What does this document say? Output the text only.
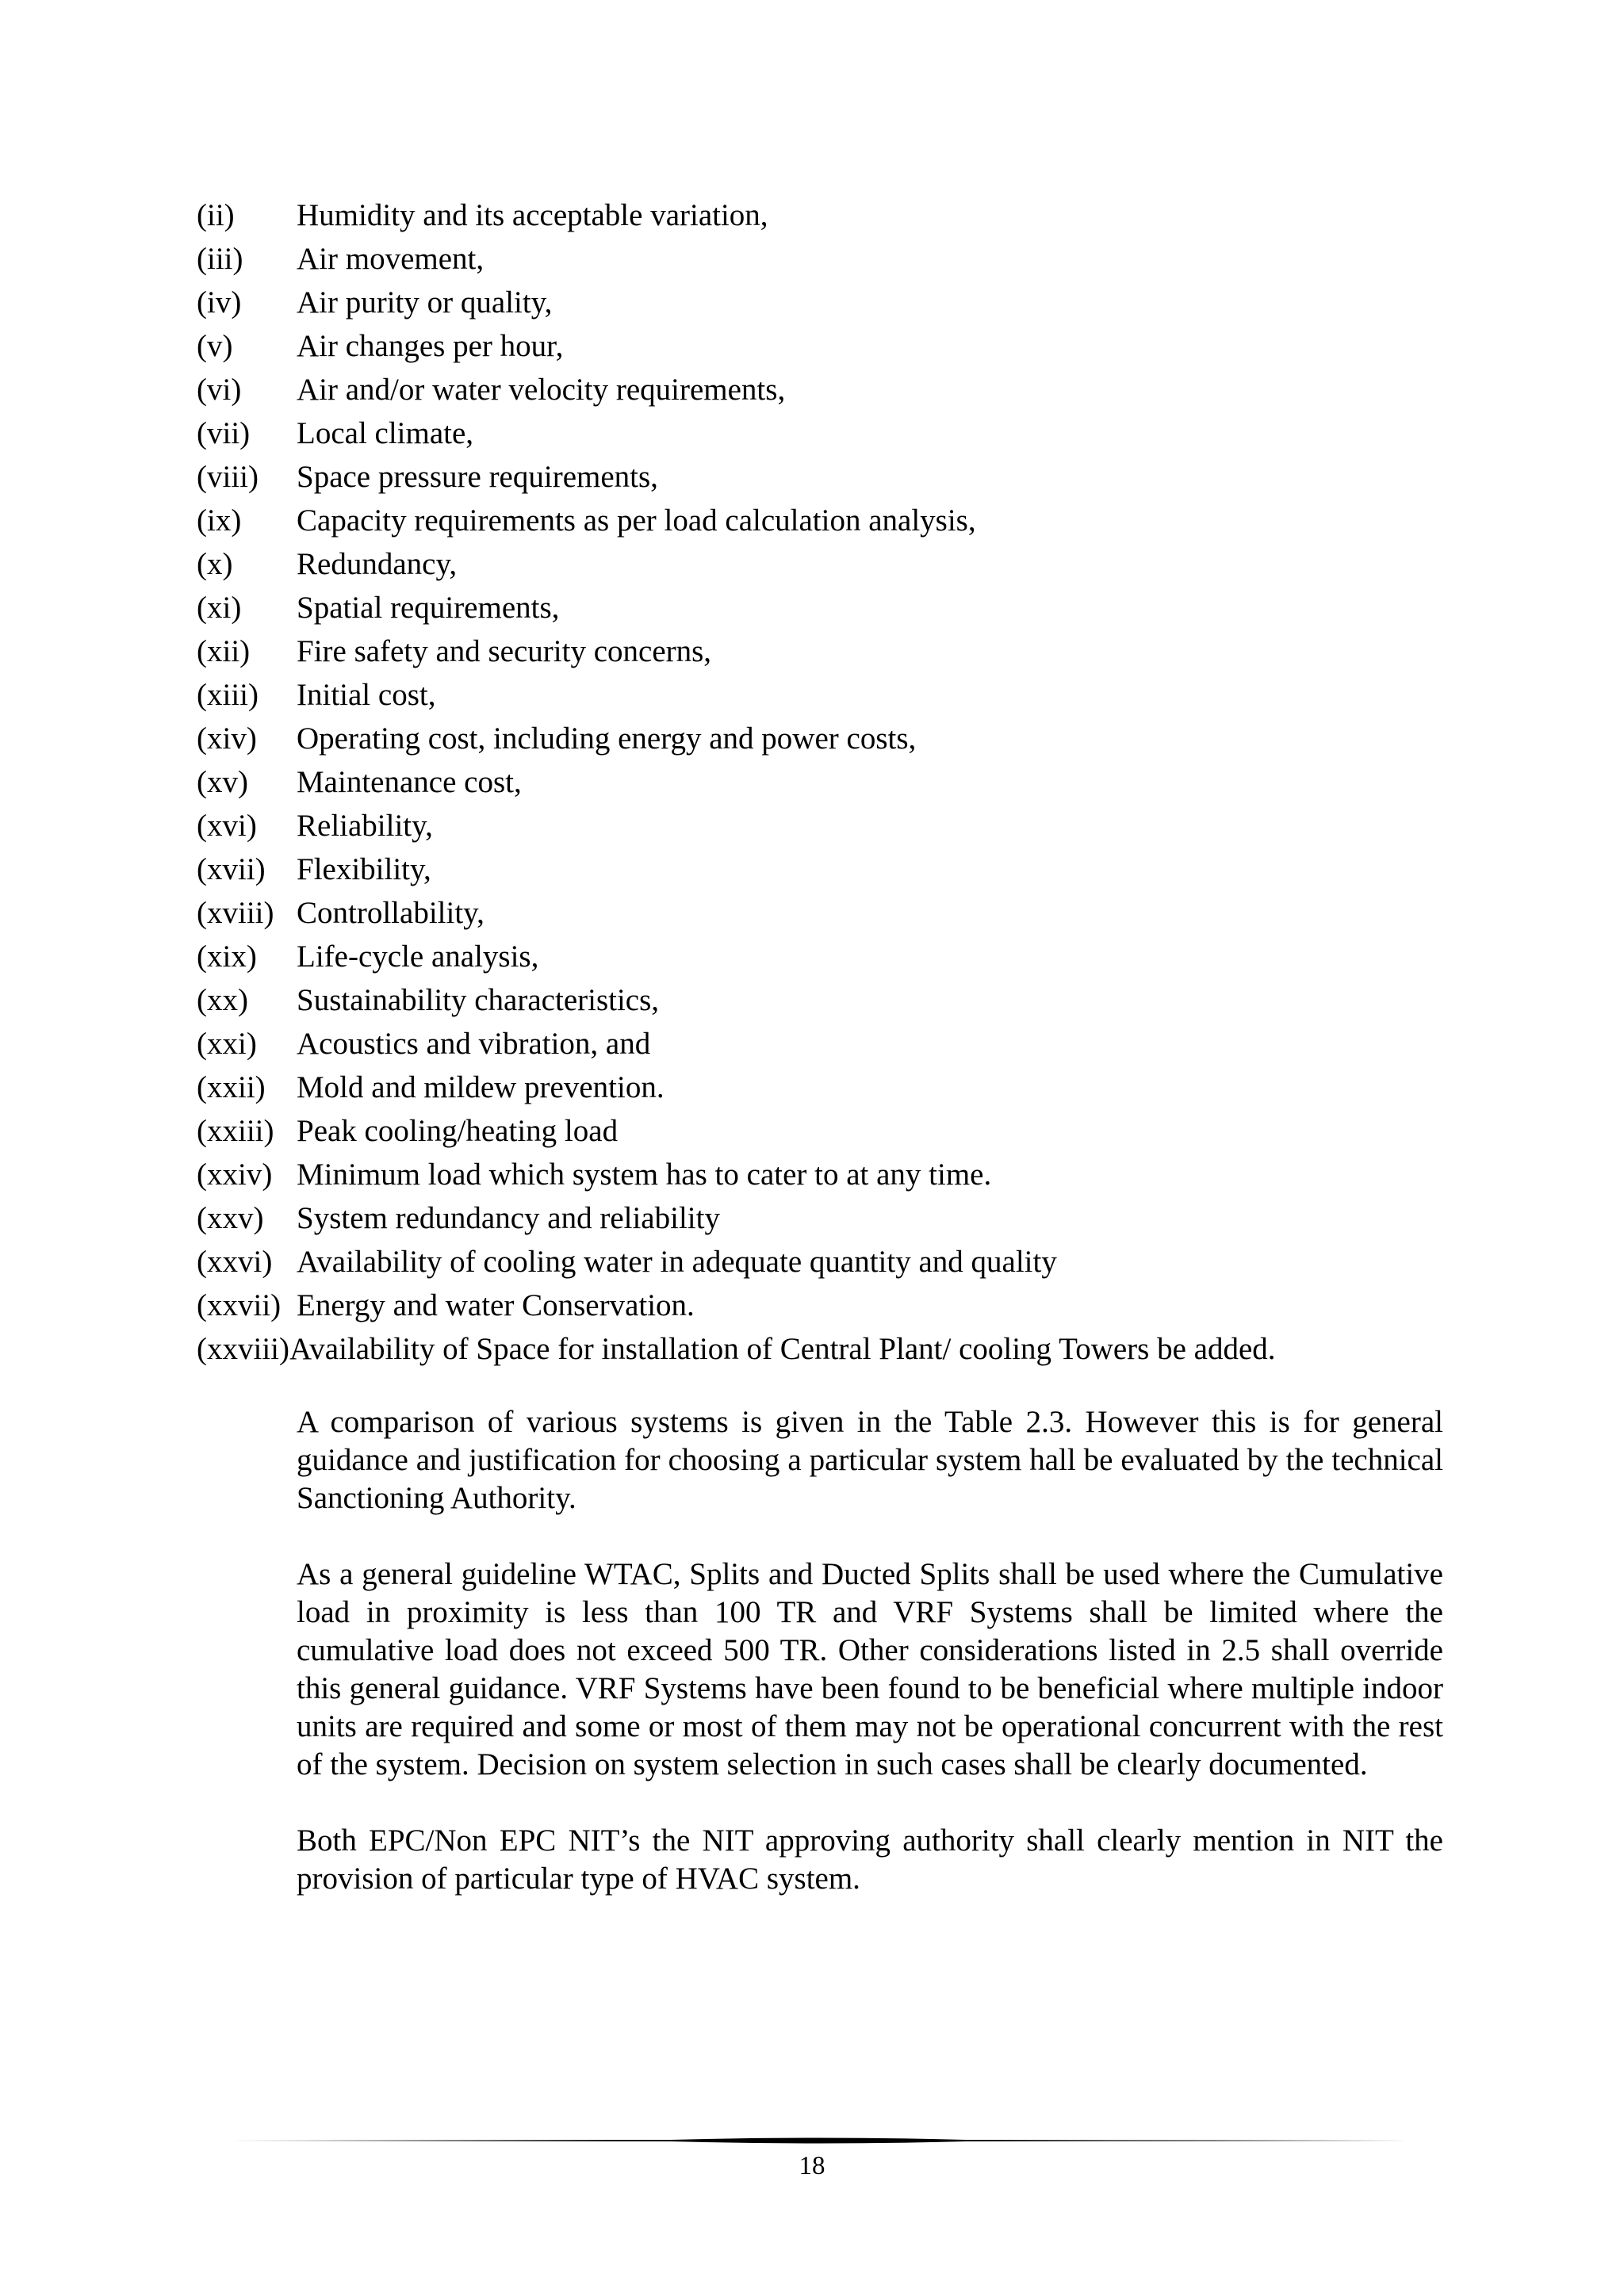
(ii) Humidity and its acceptable variation,
(iii) Air movement,
(iv) Air purity or quality,
(v) Air changes per hour,
(vi) Air and/or water velocity requirements,
(vii) Local climate,
(viii) Space pressure requirements,
(ix) Capacity requirements as per load calculation analysis,
(x) Redundancy,
(xi) Spatial requirements,
(xii) Fire safety and security concerns,
(xiii) Initial cost,
(xiv) Operating cost, including energy and power costs,
(xv) Maintenance cost,
(xvi) Reliability,
(xvii) Flexibility,
(xviii) Controllability,
(xix) Life-cycle analysis,
(xx) Sustainability characteristics,
(xxi) Acoustics and vibration, and
(xxii) Mold and mildew prevention.
(xxiii) Peak cooling/heating load
(xxiv) Minimum load which system has to cater to at any time.
(xxv) System redundancy and reliability
(xxvi) Availability of cooling water in adequate quantity and quality
(xxvii) Energy and water Conservation.
(xxviii)Availability of Space for installation of Central Plant/ cooling Towers be added.

A comparison of various systems is given in the Table 2.3. However this is for general guidance and justification for choosing a particular system hall be evaluated by the technical Sanctioning Authority.

As a general guideline WTAC, Splits and Ducted Splits shall be used where the Cumulative load in proximity is less than 100 TR and VRF Systems shall be limited where the cumulative load does not exceed 500 TR. Other considerations listed in 2.5 shall override this general guidance. VRF Systems have been found to be beneficial where multiple indoor units are required and some or most of them may not be operational concurrent with the rest of the system. Decision on system selection in such cases shall be clearly documented.

Both EPC/Non EPC NIT’s the NIT approving authority shall clearly mention in NIT the provision of particular type of HVAC system.

18
